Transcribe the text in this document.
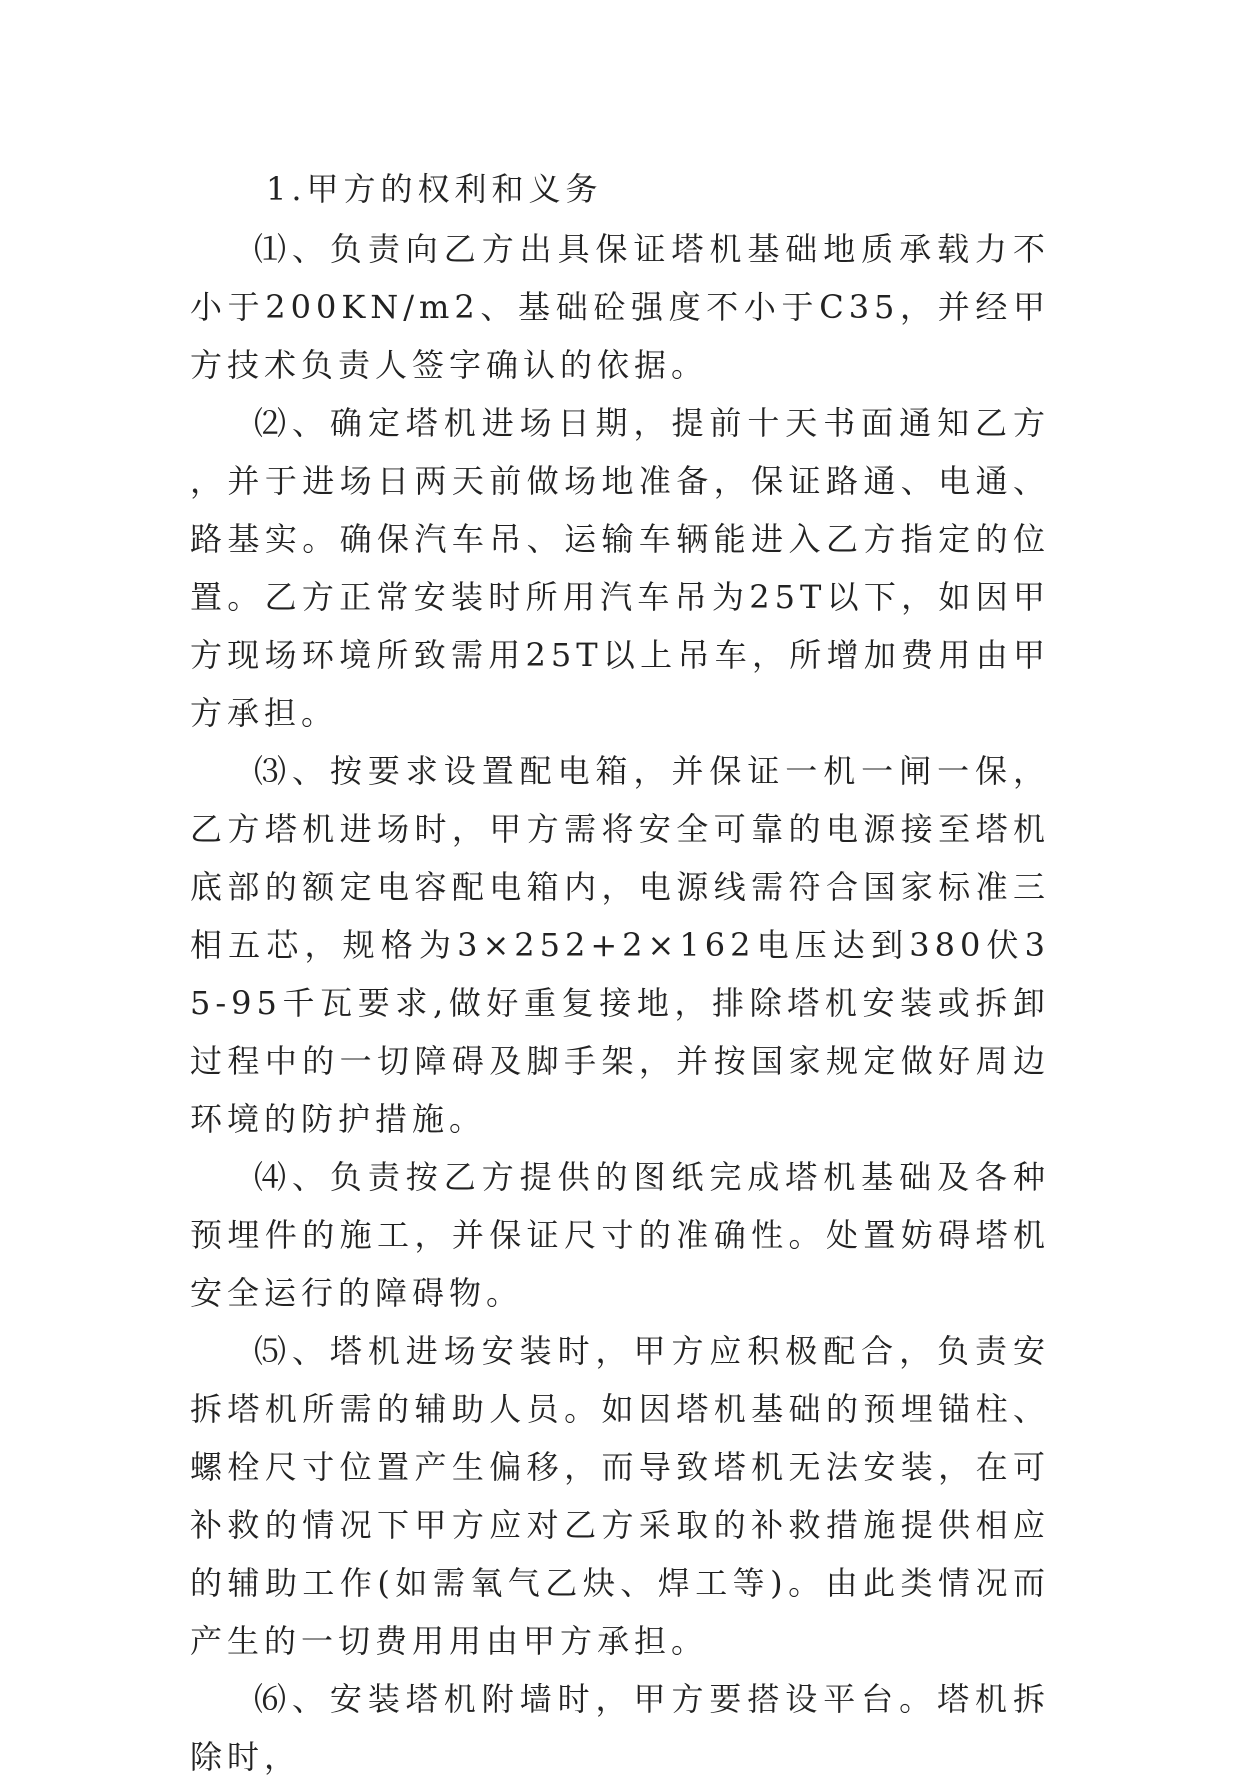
1.甲方的权利和义务

⑴、负责向乙方出具保证塔机基础地质承载力不小于200KN/m2、基础砼强度不小于C35，并经甲方技术负责人签字确认的依据。

⑵、确定塔机进场日期，提前十天书面通知乙方，并于进场日两天前做场地准备，保证路通、电通、路基实。确保汽车吊、运输车辆能进入乙方指定的位置。乙方正常安装时所用汽车吊为25T以下，如因甲方现场环境所致需用25T以上吊车，所增加费用由甲方承担。

⑶、按要求设置配电箱，并保证一机一闸一保，乙方塔机进场时，甲方需将安全可靠的电源接至塔机底部的额定电容配电箱内，电源线需符合国家标准三相五芯，规格为3×252+2×162电压达到380伏35-95千瓦要求,做好重复接地，排除塔机安装或拆卸过程中的一切障碍及脚手架，并按国家规定做好周边环境的防护措施。

⑷、负责按乙方提供的图纸完成塔机基础及各种预埋件的施工，并保证尺寸的准确性。处置妨碍塔机安全运行的障碍物。

⑸、塔机进场安装时，甲方应积极配合，负责安拆塔机所需的辅助人员。如因塔机基础的预埋锚柱、螺栓尺寸位置产生偏移，而导致塔机无法安装，在可补救的情况下甲方应对乙方采取的补救措施提供相应的辅助工作(如需氧气乙炔、焊工等)。由此类情况而产生的一切费用用由甲方承担。

⑹、安装塔机附墙时，甲方要搭设平台。塔机拆除时，
